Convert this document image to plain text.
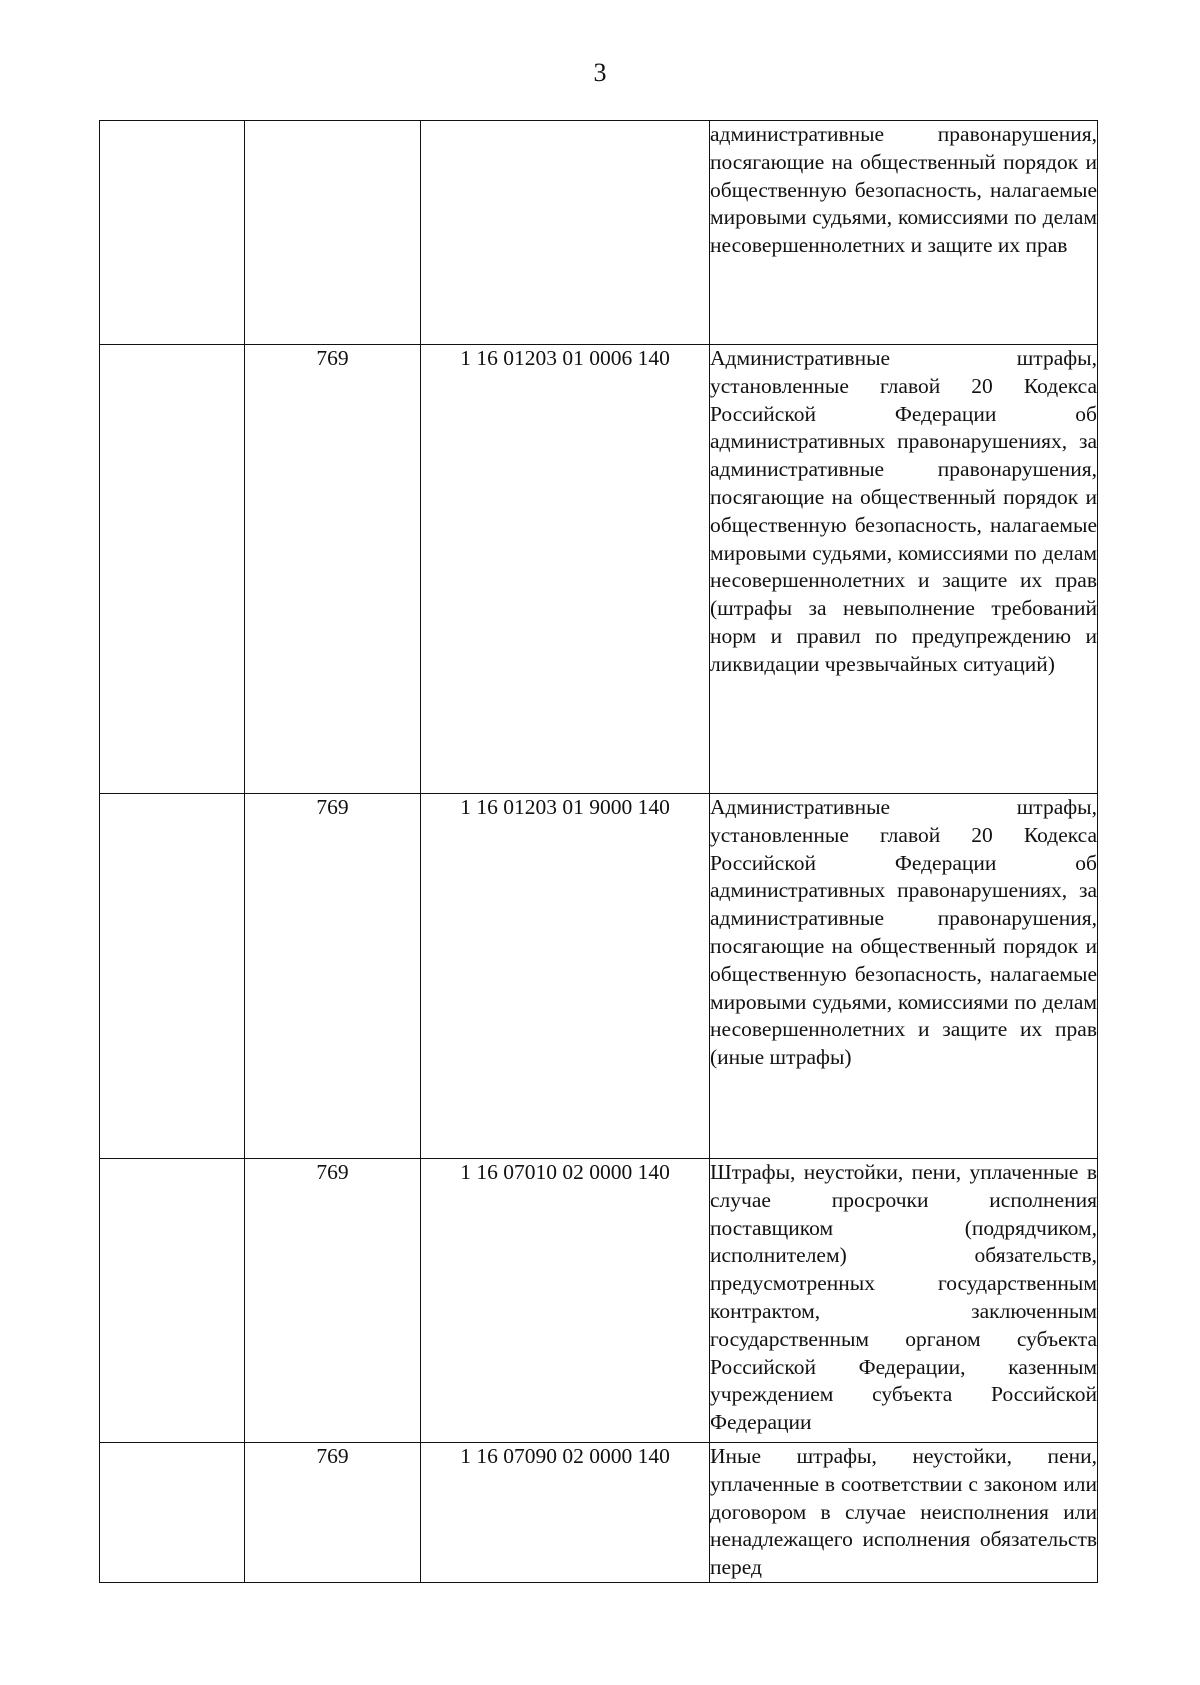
3
			административные правонарушения, посягающие на общественный порядок и общественную безопасность, налагаемые мировыми судьями, комиссиями по делам несовершеннолетних и защите их прав
	769	1 16 01203 01 0006 140	Административные штрафы, установленные главой 20 Кодекса Российской Федерации об административных правонарушениях, за административные правонарушения, посягающие на общественный порядок и общественную безопасность, налагаемые мировыми судьями, комиссиями по делам несовершеннолетних и защите их прав (штрафы за невыполнение требований норм и правил по предупреждению и ликвидации чрезвычайных ситуаций)
	769	1 16 01203 01 9000 140	Административные штрафы, установленные главой 20 Кодекса Российской Федерации об административных правонарушениях, за административные правонарушения, посягающие на общественный порядок и общественную безопасность, налагаемые мировыми судьями, комиссиями по делам несовершеннолетних и защите их прав (иные штрафы)
	769	1 16 07010 02 0000 140	Штрафы, неустойки, пени, уплаченные в случае просрочки исполнения поставщиком (подрядчиком, исполнителем) обязательств, предусмотренных государственным контрактом, заключенным государственным органом субъекта Российской Федерации, казенным учреждением субъекта Российской Федерации
	769	1 16 07090 02 0000 140	Иные штрафы, неустойки, пени, уплаченные в соответствии с законом или договором в случае неисполнения или ненадлежащего исполнения обязательств перед
